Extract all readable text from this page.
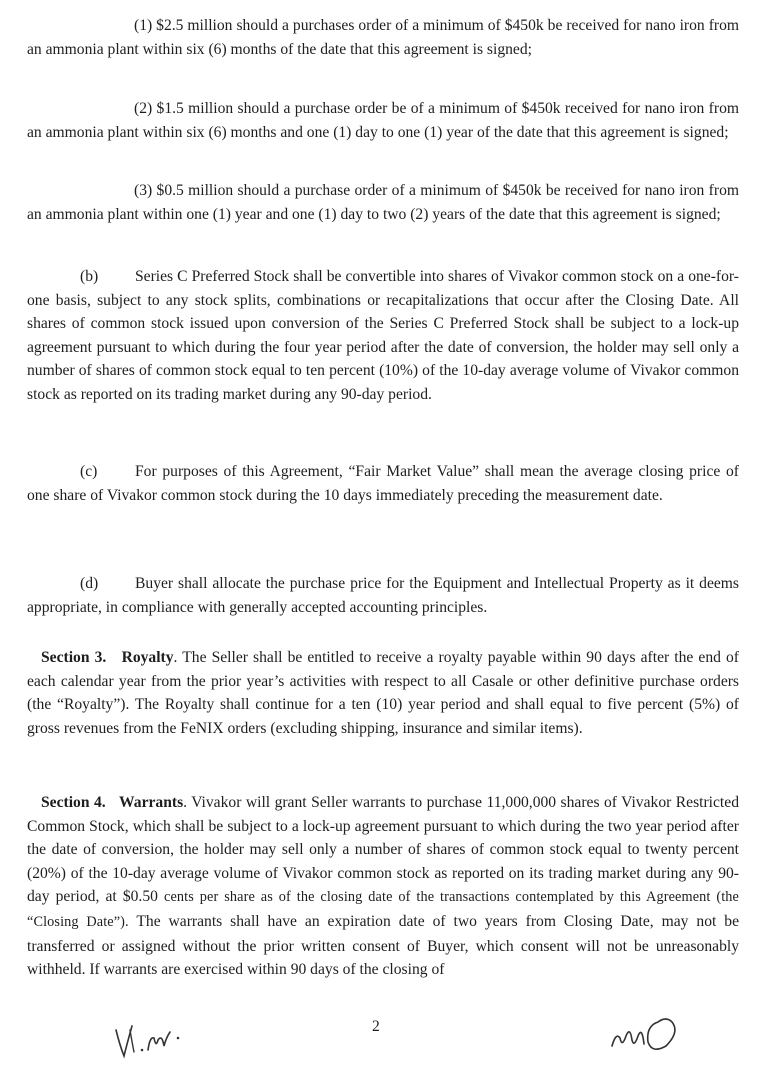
(1) $2.5 million should a purchases order of a minimum of $450k be received for nano iron from an ammonia plant within six (6) months of the date that this agreement is signed;

(2) $1.5 million should a purchase order be of a minimum of $450k received for nano iron from an ammonia plant within six (6) months and one (1) day to one (1) year of the date that this agreement is signed;

(3) $0.5 million should a purchase order of a minimum of $450k be received for nano iron from an ammonia plant within one (1) year and one (1) day to two (2) years of the date that this agreement is signed;

(b) Series C Preferred Stock shall be convertible into shares of Vivakor common stock on a one-for-one basis, subject to any stock splits, combinations or recapitalizations that occur after the Closing Date. All shares of common stock issued upon conversion of the Series C Preferred Stock shall be subject to a lock-up agreement pursuant to which during the four year period after the date of conversion, the holder may sell only a number of shares of common stock equal to ten percent (10%) of the 10-day average volume of Vivakor common stock as reported on its trading market during any 90-day period.

(c) For purposes of this Agreement, “Fair Market Value” shall mean the average closing price of one share of Vivakor common stock during the 10 days immediately preceding the measurement date.

(d) Buyer shall allocate the purchase price for the Equipment and Intellectual Property as it deems appropriate, in compliance with generally accepted accounting principles.

Section 3. Royalty. The Seller shall be entitled to receive a royalty payable within 90 days after the end of each calendar year from the prior year’s activities with respect to all Casale or other definitive purchase orders (the “Royalty”). The Royalty shall continue for a ten (10) year period and shall equal to five percent (5%) of gross revenues from the FeNIX orders (excluding shipping, insurance and similar items).

Section 4. Warrants. Vivakor will grant Seller warrants to purchase 11,000,000 shares of Vivakor Restricted Common Stock, which shall be subject to a lock-up agreement pursuant to which during the two year period after the date of conversion, the holder may sell only a number of shares of common stock equal to twenty percent (20%) of the 10-day average volume of Vivakor common stock as reported on its trading market during any 90-day period, at $0.50 cents per share as of the closing date of the transactions contemplated by this Agreement (the “Closing Date”). The warrants shall have an expiration date of two years from Closing Date, may not be transferred or assigned without the prior written consent of Buyer, which consent will not be unreasonably withheld. If warrants are exercised within 90 days of the closing of

2
